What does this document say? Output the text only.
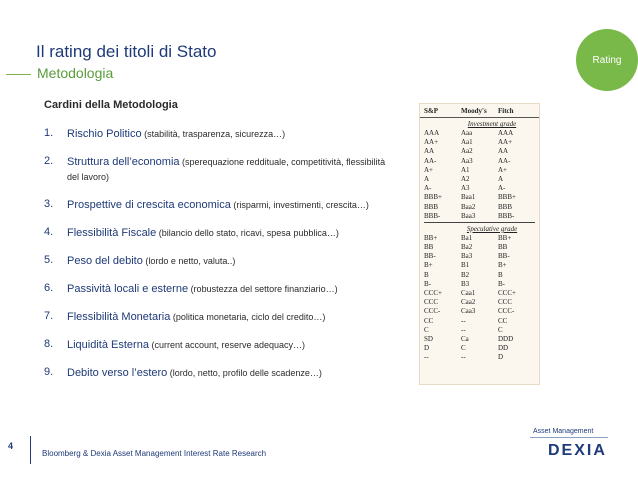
Il rating dei titoli di Stato
Metodologia
Rating
Cardini della Metodologia
1.	Rischio Politico (stabilità, trasparenza, sicurezza…)
2.	Struttura dell’economia (sperequazione reddituale, competitività, flessibilità del lavoro)
3.	Prospettive di crescita economica (risparmi, investimenti, crescita…)
4.	Flessibilità Fiscale (bilancio dello stato, ricavi, spesa pubblica…)
5.	Peso del debito (lordo e netto, valuta..)
6.	Passività locali e esterne (robustezza del settore finanziario…)
7.	Flessibilità Monetaria (politica monetaria, ciclo del credito…)
8.	Liquidità Esterna (current account, reserve adequacy…)
9.	Debito verso l’estero (lordo, netto, profilo delle scadenze…)
S&P	Moody's	Fitch
Investment grade
AAA	Aaa	AAA
AA+	Aa1	AA+
AA	Aa2	AA
AA-	Aa3	AA-
A+	A1	A+
A	A2	A
A-	A3	A-
BBB+	Baa1	BBB+
BBB	Baa2	BBB
BBB-	Baa3	BBB-
Speculative grade
BB+	Ba1	BB+
BB	Ba2	BB
BB-	Ba3	BB-
B+	B1	B+
B	B2	B
B-	B3	B-
CCC+	Caa1	CCC+
CCC	Caa2	CCC
CCC-	Caa3	CCC-
CC	--	CC
C	--	C
SD	Ca	DDD
D	C	DD
--	--	D
4
Bloomberg & Dexia Asset Management Interest Rate Research
Asset Management
DEXIA
